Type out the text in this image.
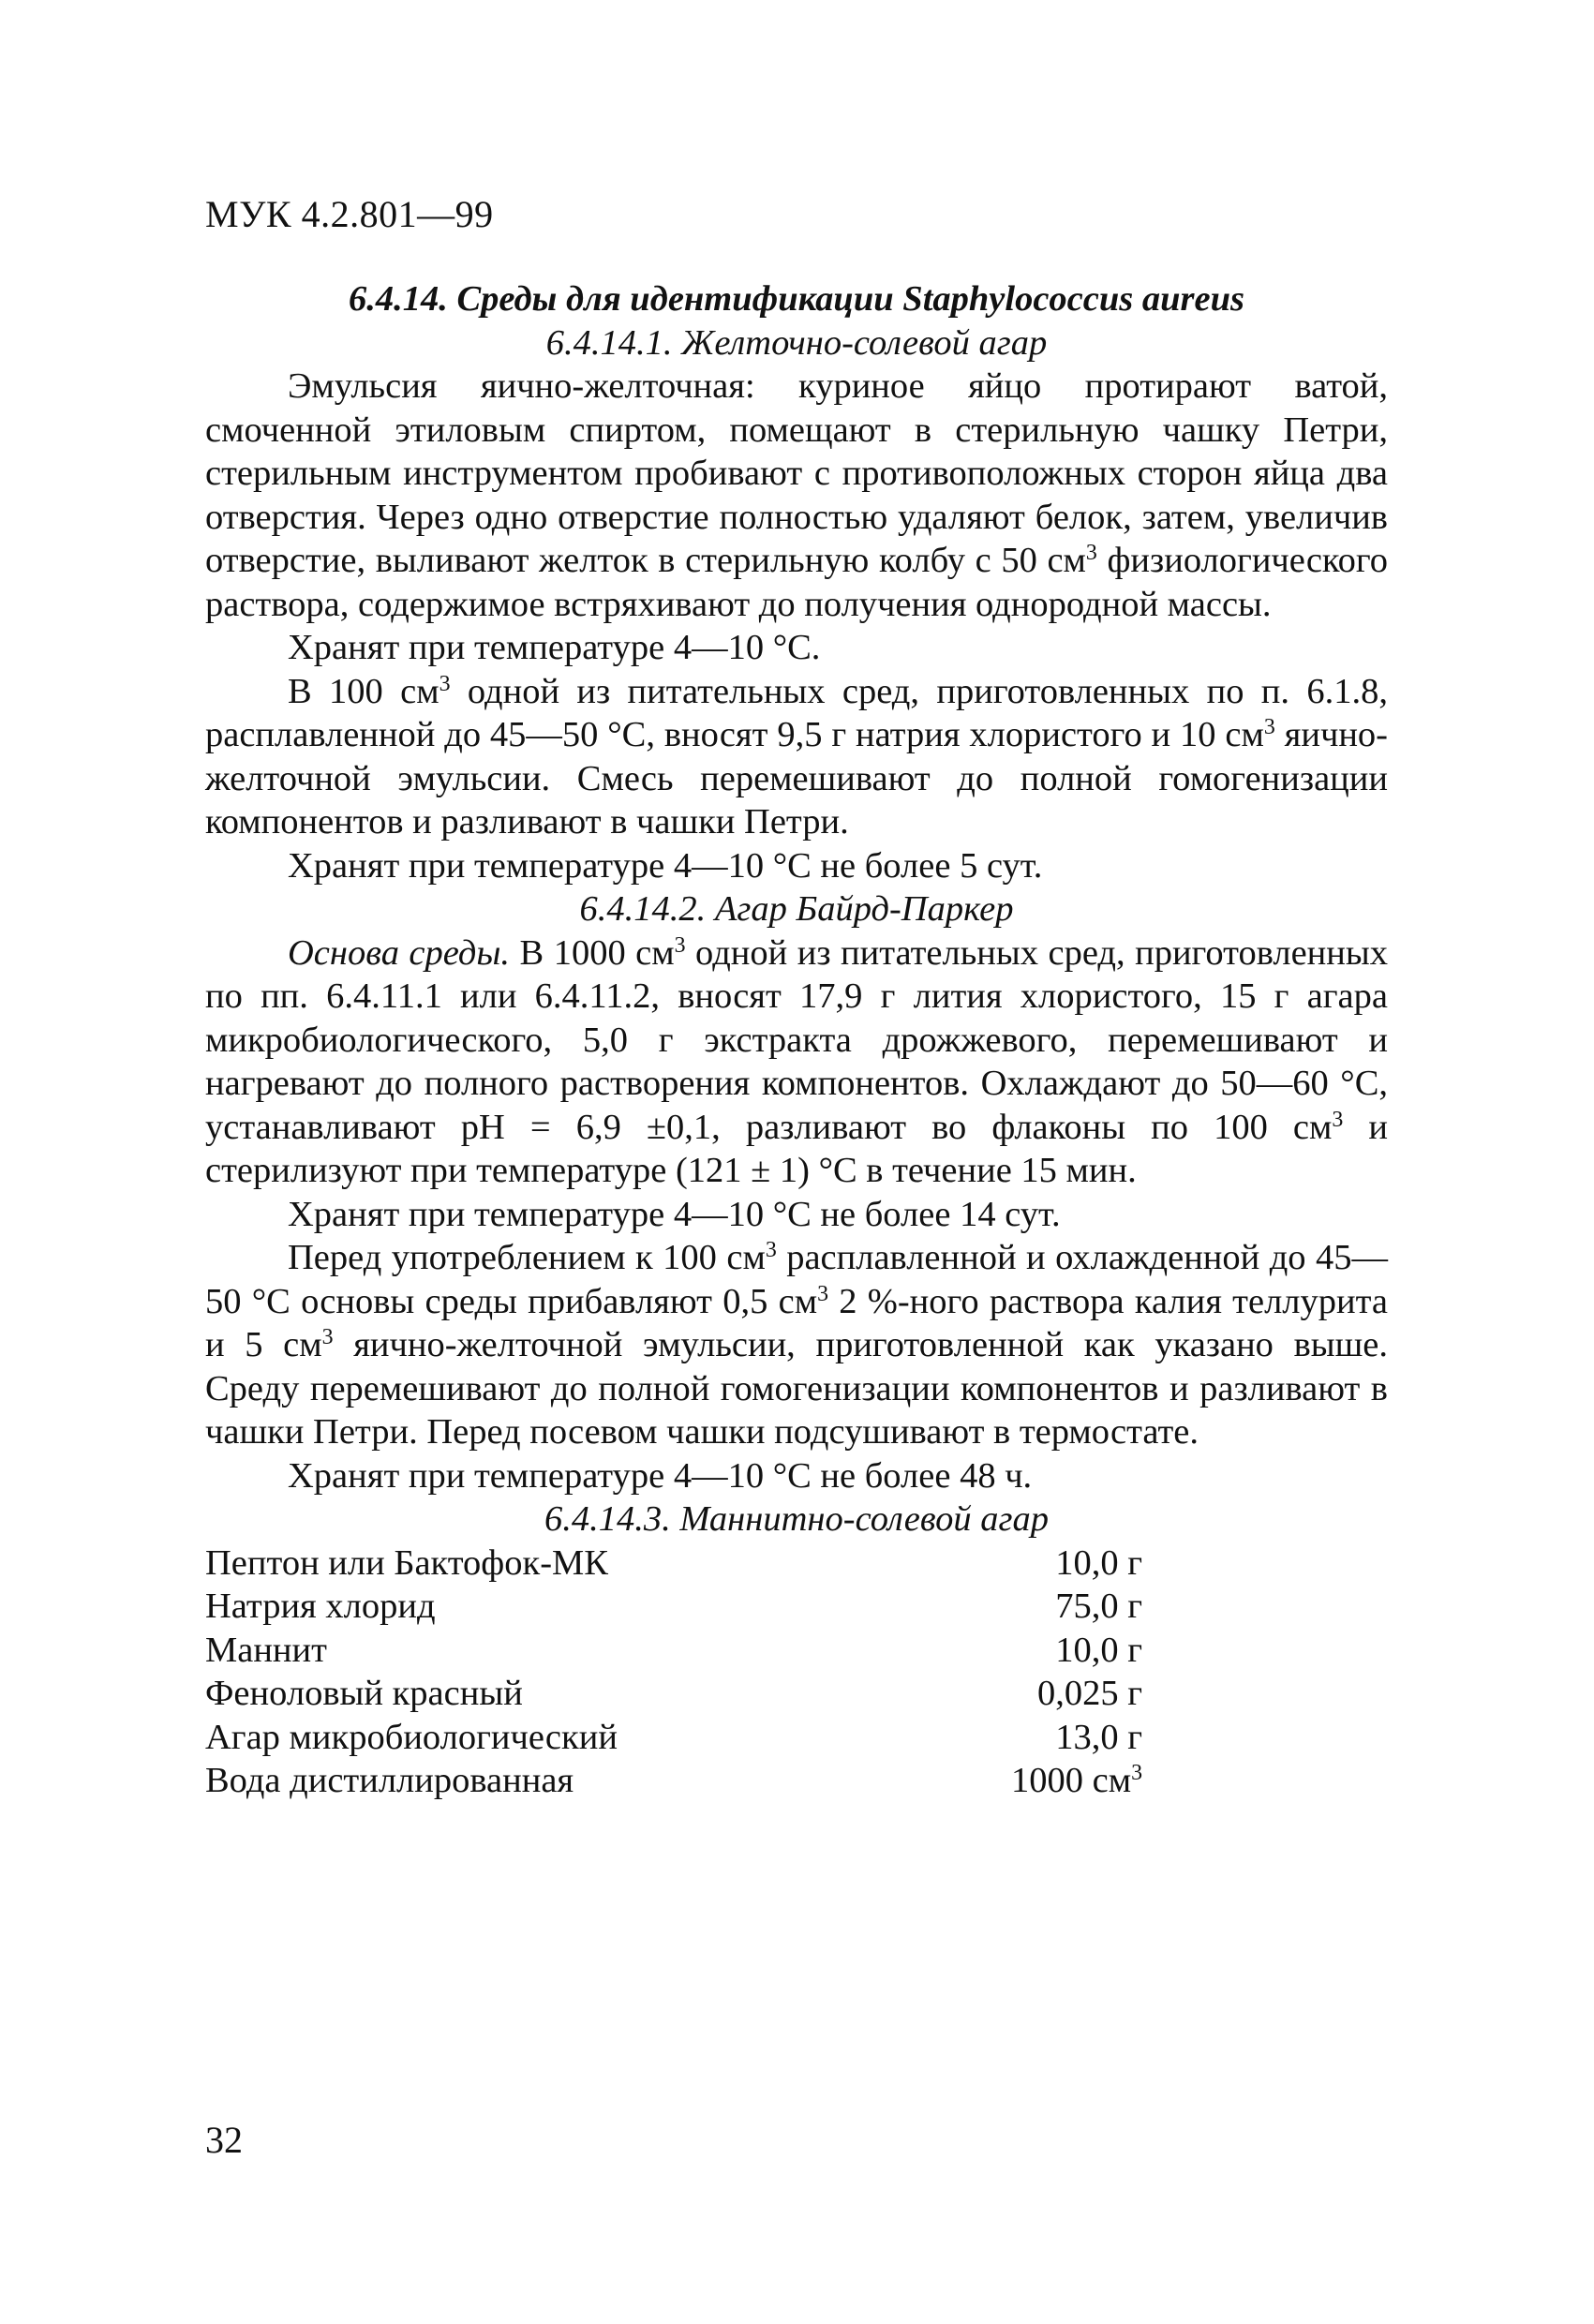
МУК 4.2.801—99
6.4.14. Среды для идентификации Staphylococcus aureus
6.4.14.1. Желточно-солевой агар

Эмульсия яично-желточная: куриное яйцо протирают ватой, смоченной этиловым спиртом, помещают в стерильную чашку Петри, стерильным инструментом пробивают с противоположных сторон яйца два отверстия. Через одно отверстие полностью удаляют белок, затем, увеличив отверстие, выливают желток в стерильную колбу с 50 $см^3$ физиологического раствора, содержимое встряхивают до получения однородной массы.

Хранят при температуре 4—10 °С.

В 100 $см^3$ одной из питательных сред, приготовленных по п. 6.1.8, расплавленной до 45—50 °С, вносят 9,5 г натрия хлористого и 10 $см^3$ яично-желточной эмульсии. Смесь перемешивают до полной гомогенизации компонентов и разливают в чашки Петри.

Хранят при температуре 4—10 °С не более 5 сут.

6.4.14.2. Агар Байрд-Паркер

Основа среды. В 1000 $см^3$ одной из питательных сред, приготовленных по пп. 6.4.11.1 или 6.4.11.2, вносят 17,9 г лития хлористого, 15 г агара микробиологического, 5,0 г экстракта дрожжевого, перемешивают и нагревают до полного растворения компонентов. Охлаждают до 50—60 °С, устанавливают рН = 6,9 ±0,1, разливают во флаконы по 100 $см^3$ и стерилизуют при температуре (121 ± 1) °С в течение 15 мин.

Хранят при температуре 4—10 °С не более 14 сут.

Перед употреблением к 100 $см^3$ расплавленной и охлажденной до 45—50 °С основы среды прибавляют 0,5 $см^3$ 2 %-ного раствора калия теллурита и 5 $см^3$ яично-желточной эмульсии, приготовленной как указано выше. Среду перемешивают до полной гомогенизации компонентов и разливают в чашки Петри. Перед посевом чашки подсушивают в термостате.

Хранят при температуре 4—10 °С не более 48 ч.

6.4.14.3. Маннитно-солевой агар
Пептон или Бактофок-МК	10,0 г
Натрия хлорид	75,0 г
Маннит	10,0 г
Феноловый красный	0,025 г
Агар микробиологический	13,0 г
Вода дистиллированная	1000 $см^3$
32
